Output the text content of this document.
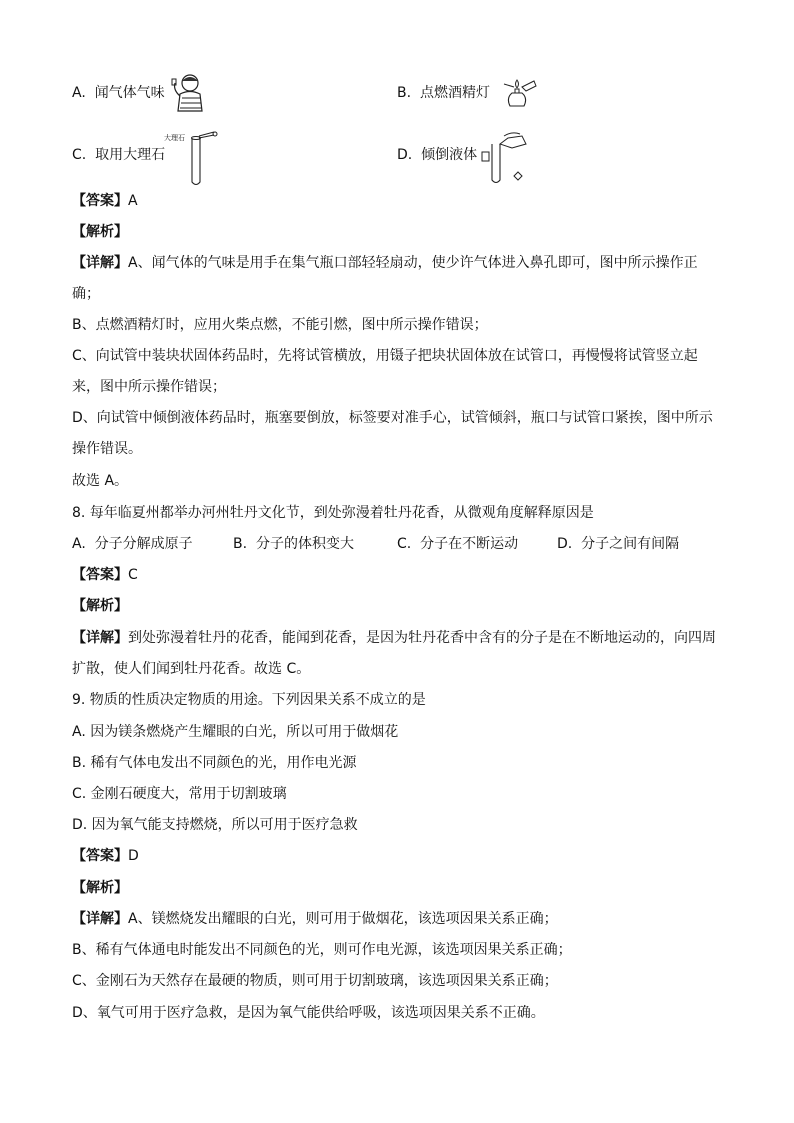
A. 闻气体气味	B. 点燃酒精灯
C. 取用大理石
大理石
D. 倾倒液体
【答案】A
【解析】
【详解】A、闻气体的气味是用手在集气瓶口部轻轻扇动，使少许气体进入鼻孔即可，图中所示操作正
确；
B、点燃酒精灯时，应用火柴点燃，不能引燃，图中所示操作错误；
C、向试管中装块状固体药品时，先将试管横放，用镊子把块状固体放在试管口，再慢慢将试管竖立起
来，图中所示操作错误；
D、向试管中倾倒液体药品时，瓶塞要倒放，标签要对准手心，试管倾斜，瓶口与试管口紧挨，图中所示
操作错误。
故选 A。
8. 每年临夏州都举办河州牡丹文化节，到处弥漫着牡丹花香，从微观角度解释原因是
A. 分子分解成原子	B. 分子的体积变大	C. 分子在不断运动	D. 分子之间有间隔
【答案】C
【解析】
【详解】到处弥漫着牡丹的花香，能闻到花香，是因为牡丹花香中含有的分子是在不断地运动的，向四周
扩散，使人们闻到牡丹花香。故选 C。
9. 物质的性质决定物质的用途。下列因果关系不成立的是
A. 因为镁条燃烧产生耀眼的白光，所以可用于做烟花
B. 稀有气体电发出不同颜色的光，用作电光源
C. 金刚石硬度大，常用于切割玻璃
D. 因为氧气能支持燃烧，所以可用于医疗急救
【答案】D
【解析】
【详解】A、镁燃烧发出耀眼的白光，则可用于做烟花，该选项因果关系正确；
B、稀有气体通电时能发出不同颜色的光，则可作电光源，该选项因果关系正确；
C、金刚石为天然存在最硬的物质，则可用于切割玻璃，该选项因果关系正确；
D、氧气可用于医疗急救，是因为氧气能供给呼吸，该选项因果关系不正确。
